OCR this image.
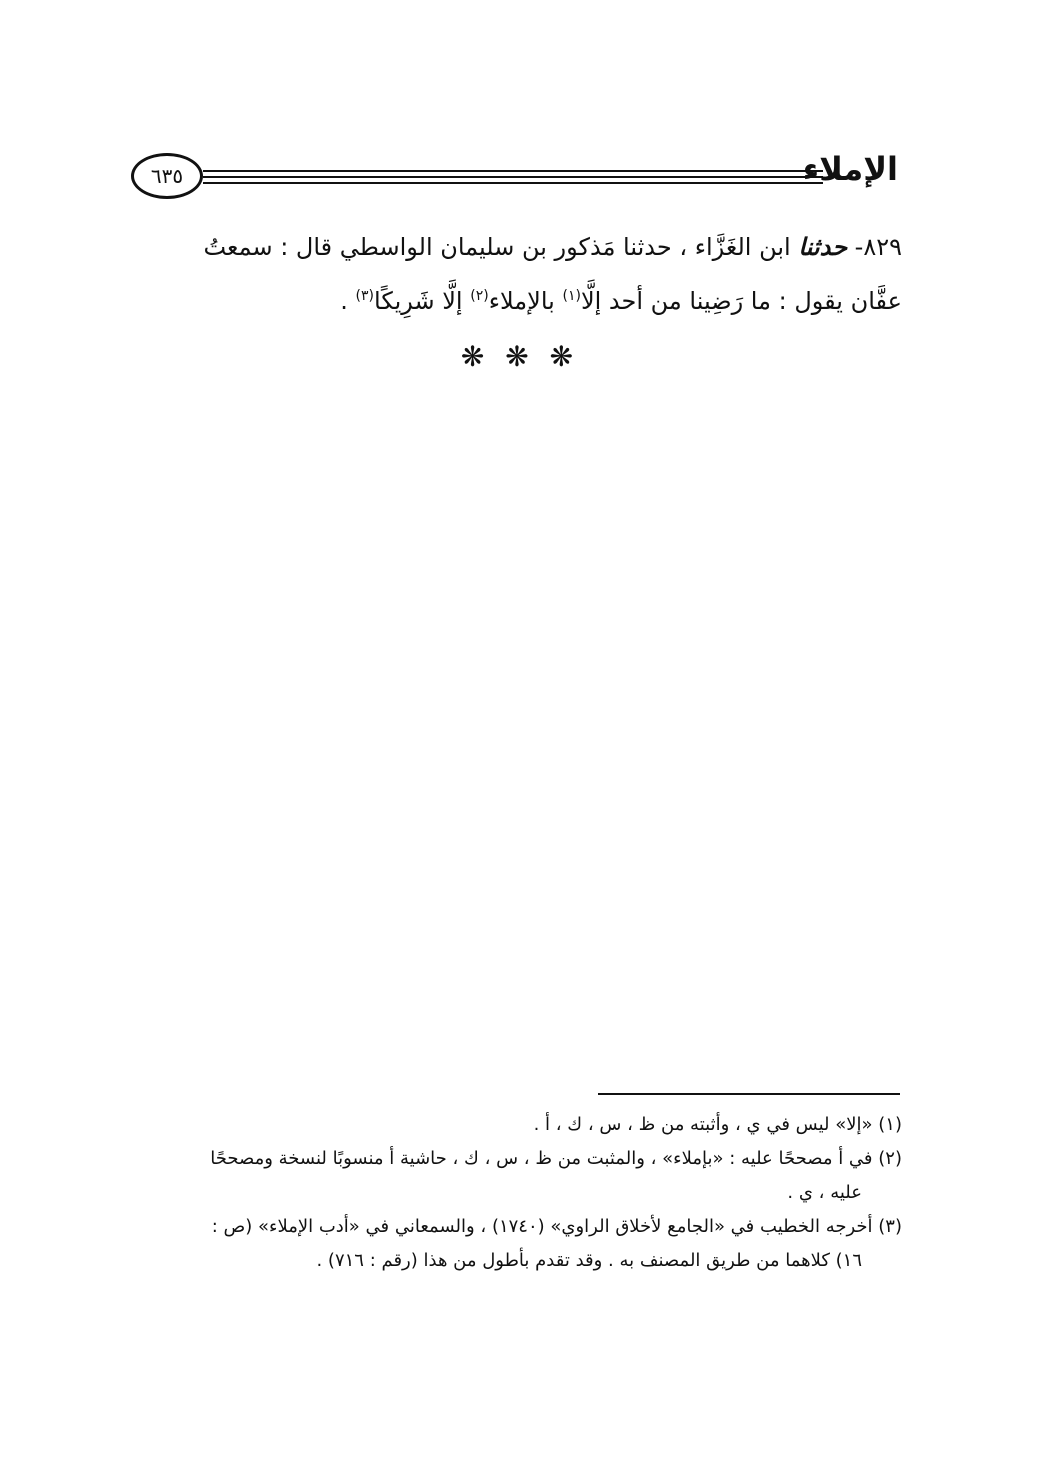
٦٣٥	الإملاء
٨٢٩- حدثنا ابن الغَزَّاء ، حدثنا مَذكور بن سليمان الواسطي قال : سمعتُ
عفَّان يقول : ما رَضِينا من أحد إلَّا$^{(١)}$ بالإملاء$^{(٢)}$ إلَّا شَرِيكًا$^{(٣)}$ .
❋ ❋ ❋
(١) «إلا» ليس في ي ، وأثبته من ظ ، س ، ك ، أ .
(٢) في أ مصححًا عليه : «بإملاء» ، والمثبت من ظ ، س ، ك ، حاشية أ منسوبًا لنسخة ومصححًا
عليه ، ي .
(٣) أخرجه الخطيب في «الجامع لأخلاق الراوي» (١٧٤٠) ، والسمعاني في «أدب الإملاء» (ص :
١٦) كلاهما من طريق المصنف به . وقد تقدم بأطول من هذا (رقم : ٧١٦) .
